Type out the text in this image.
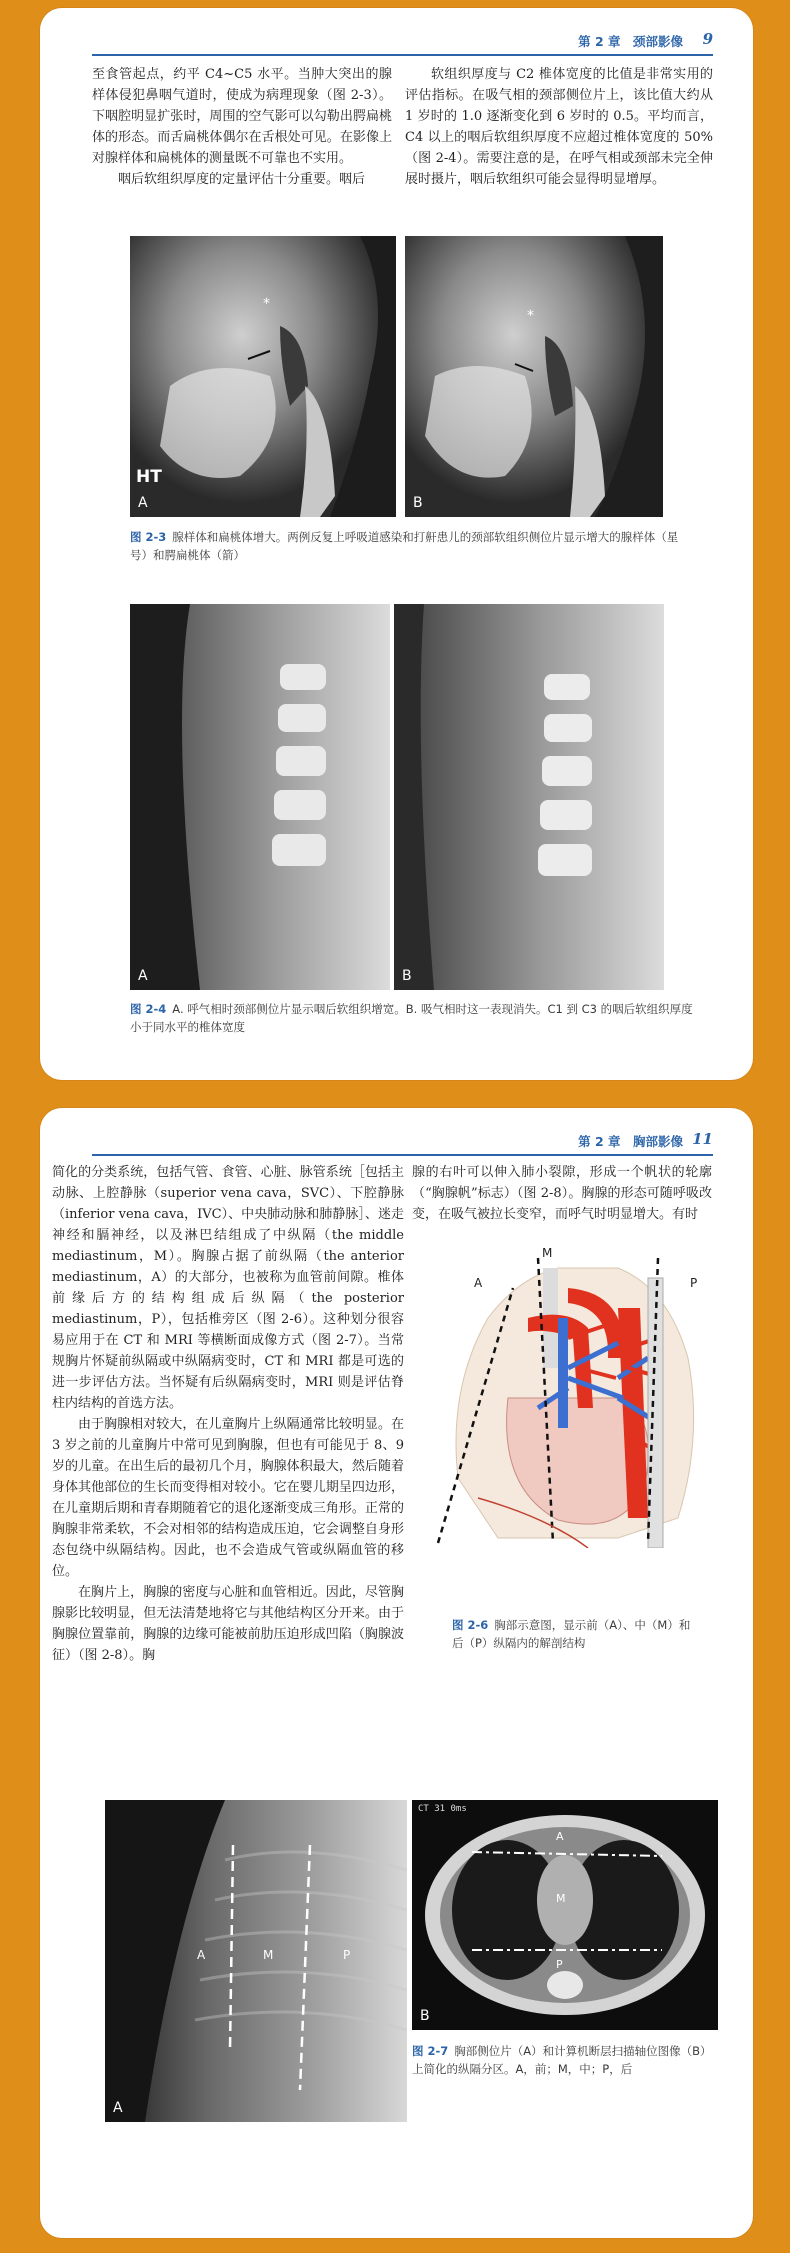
第 2 章　颈部影像 9

至食管起点，约平 C4~C5 水平。当肿大突出的腺样体侵犯鼻咽气道时，使成为病理现象（图 2-3）。下咽腔明显扩张时，周围的空气影可以勾勒出腭扁桃体的形态。而舌扁桃体偶尔在舌根处可见。在影像上对腺样体和扁桃体的测量既不可靠也不实用。

咽后软组织厚度的定量评估十分重要。咽后

软组织厚度与 C2 椎体宽度的比值是非常实用的评估指标。在吸气相的颈部侧位片上，该比值大约从 1 岁时的 1.0 逐渐变化到 6 岁时的 0.5。平均而言，C4 以上的咽后软组织厚度不应超过椎体宽度的 50%（图 2-4）。需要注意的是，在呼气相或颈部未完全伸展时摄片，咽后软组织可能会显得明显增厚。

*
HT
A
*
B
图 2-3 腺样体和扁桃体增大。两例反复上呼吸道感染和打鼾患儿的颈部软组织侧位片显示增大的腺样体（星号）和腭扁桃体（箭）
A	B
图 2-4 A. 呼气相时颈部侧位片显示咽后软组织增宽。B. 吸气相时这一表现消失。C1 到 C3 的咽后软组织厚度小于同水平的椎体宽度
第 2 章　胸部影像 11

简化的分类系统，包括气管、食管、心脏、脉管系统［包括主动脉、上腔静脉（superior vena cava，SVC）、下腔静脉（inferior vena cava，IVC）、中央肺动脉和肺静脉］、迷走神经和膈神经，以及淋巴结组成了中纵隔（the middle mediastinum，M）。胸腺占据了前纵隔（the anterior mediastinum，A）的大部分，也被称为血管前间隙。椎体前缘后方的结构组成后纵隔（the posterior mediastinum，P），包括椎旁区（图 2-6）。这种划分很容易应用于在 CT 和 MRI 等横断面成像方式（图 2-7）。当常规胸片怀疑前纵隔或中纵隔病变时，CT 和 MRI 都是可选的进一步评估方法。当怀疑有后纵隔病变时，MRI 则是评估脊柱内结构的首选方法。

由于胸腺相对较大，在儿童胸片上纵隔通常比较明显。在 3 岁之前的儿童胸片中常可见到胸腺，但也有可能见于 8、9 岁的儿童。在出生后的最初几个月，胸腺体积最大，然后随着身体其他部位的生长而变得相对较小。它在婴儿期呈四边形，在儿童期后期和青春期随着它的退化逐渐变成三角形。正常的胸腺非常柔软，不会对相邻的结构造成压迫，它会调整自身形态包绕中纵隔结构。因此，也不会造成气管或纵隔血管的移位。

在胸片上，胸腺的密度与心脏和血管相近。因此，尽管胸腺影比较明显，但无法清楚地将它与其他结构区分开来。由于胸腺位置靠前，胸腺的边缘可能被前肋压迫形成凹陷（胸腺波征）（图 2-8）。胸

腺的右叶可以伸入肺小裂隙，形成一个帆状的轮廓（“胸腺帆”标志）（图 2-8）。胸腺的形态可随呼吸改变，在吸气被拉长变窄，而呼气时明显增大。有时

A
M
P
图 2-6 胸部示意图，显示前（A）、中（M）和后（P）纵隔内的解剖结构
A	M	P
A
CT 31 0ms
A
M
P
B
图 2-7 胸部侧位片（A）和计算机断层扫描轴位图像（B）上简化的纵隔分区。A，前；M，中；P，后
